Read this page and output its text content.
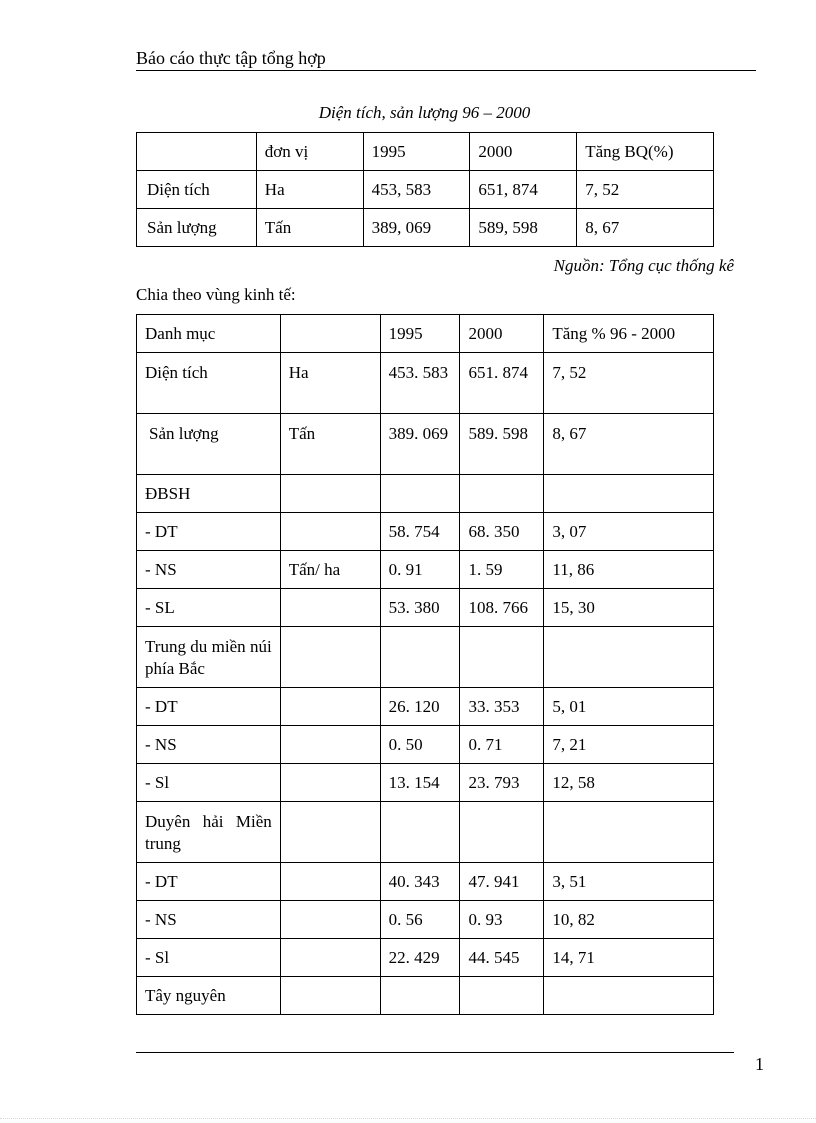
Báo cáo thực tập tổng hợp
Diện tích, sản lượng 96 – 2000
	đơn vị	1995	2000	Tăng BQ(%)
Diện tích	Ha	453, 583	651, 874	7, 52
Sản lượng	Tấn	389, 069	589, 598	8, 67
Nguồn: Tổng cục thống kê
Chia theo vùng kinh tế:
Danh mục		1995	2000	Tăng % 96 - 2000
Diện tích	Ha	453. 583	651. 874	7, 52
Sản lượng	Tấn	389. 069	589. 598	8, 67
ĐBSH				
- DT		58. 754	68. 350	3, 07
- NS	Tấn/ ha	0. 91	1. 59	11, 86
- SL		53. 380	108. 766	15, 30
Trung du miền núi phía Bắc				
- DT		26. 120	33. 353	5, 01
- NS		0. 50	0. 71	7, 21
- Sl		13. 154	23. 793	12, 58
Duyên hải Miền trung				
- DT		40. 343	47. 941	3, 51
- NS		0. 56	0. 93	10, 82
- Sl		22. 429	44. 545	14, 71
Tây nguyên				
1
